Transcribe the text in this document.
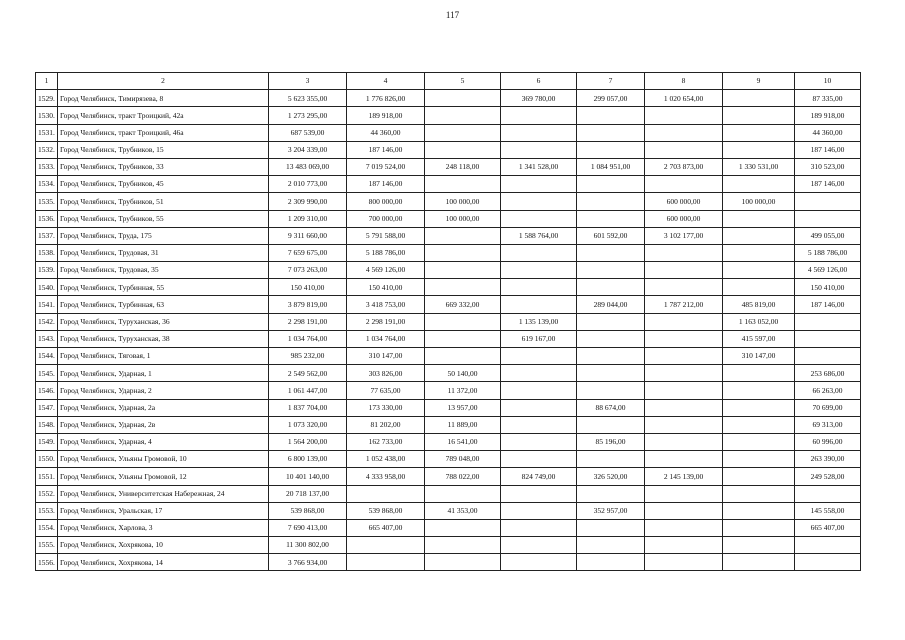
117
1	2	3	4	5	6	7	8	9	10
1529.	Город Челябинск, Тимирязева, 8	5 623 355,00	1 776 826,00		369 780,00	299 057,00	1 020 654,00		87 335,00
1530.	Город Челябинск, тракт Троицкий, 42а	1 273 295,00	189 918,00						189 918,00
1531.	Город Челябинск, тракт Троицкий, 46а	687 539,00	44 360,00						44 360,00
1532.	Город Челябинск, Трубников, 15	3 204 339,00	187 146,00						187 146,00
1533.	Город Челябинск, Трубников, 33	13 483 069,00	7 019 524,00	248 118,00	1 341 528,00	1 084 951,00	2 703 873,00	1 330 531,00	310 523,00
1534.	Город Челябинск, Трубников, 45	2 010 773,00	187 146,00						187 146,00
1535.	Город Челябинск, Трубников, 51	2 309 990,00	800 000,00	100 000,00			600 000,00	100 000,00	
1536.	Город Челябинск, Трубников, 55	1 209 310,00	700 000,00	100 000,00			600 000,00		
1537.	Город Челябинск, Труда, 175	9 311 660,00	5 791 588,00		1 588 764,00	601 592,00	3 102 177,00		499 055,00
1538.	Город Челябинск, Трудовая, 31	7 659 675,00	5 188 786,00						5 188 786,00
1539.	Город Челябинск, Трудовая, 35	7 073 263,00	4 569 126,00						4 569 126,00
1540.	Город Челябинск, Турбинная, 55	150 410,00	150 410,00						150 410,00
1541.	Город Челябинск, Турбинная, 63	3 879 819,00	3 418 753,00	669 332,00		289 044,00	1 787 212,00	485 819,00	187 146,00
1542.	Город Челябинск, Туруханская, 36	2 298 191,00	2 298 191,00		1 135 139,00			1 163 052,00	
1543.	Город Челябинск, Туруханская, 38	1 034 764,00	1 034 764,00		619 167,00			415 597,00	
1544.	Город Челябинск, Тяговая, 1	985 232,00	310 147,00					310 147,00	
1545.	Город Челябинск, Ударная, 1	2 549 562,00	303 826,00	50 140,00					253 686,00
1546.	Город Челябинск, Ударная, 2	1 061 447,00	77 635,00	11 372,00					66 263,00
1547.	Город Челябинск, Ударная, 2а	1 837 704,00	173 330,00	13 957,00		88 674,00			70 699,00
1548.	Город Челябинск, Ударная, 2в	1 073 320,00	81 202,00	11 889,00					69 313,00
1549.	Город Челябинск, Ударная, 4	1 564 200,00	162 733,00	16 541,00		85 196,00			60 996,00
1550.	Город Челябинск, Ульяны Громовой, 10	6 800 139,00	1 052 438,00	789 048,00					263 390,00
1551.	Город Челябинск, Ульяны Громовой, 12	10 401 140,00	4 333 958,00	788 022,00	824 749,00	326 520,00	2 145 139,00		249 528,00
1552.	Город Челябинск, Университетская Набережная, 24	20 718 137,00							
1553.	Город Челябинск, Уральская, 17	539 868,00	539 868,00	41 353,00		352 957,00			145 558,00
1554.	Город Челябинск, Харлова, 3	7 690 413,00	665 407,00						665 407,00
1555.	Город Челябинск, Хохрякова, 10	11 300 802,00							
1556.	Город Челябинск, Хохрякова, 14	3 766 934,00							
